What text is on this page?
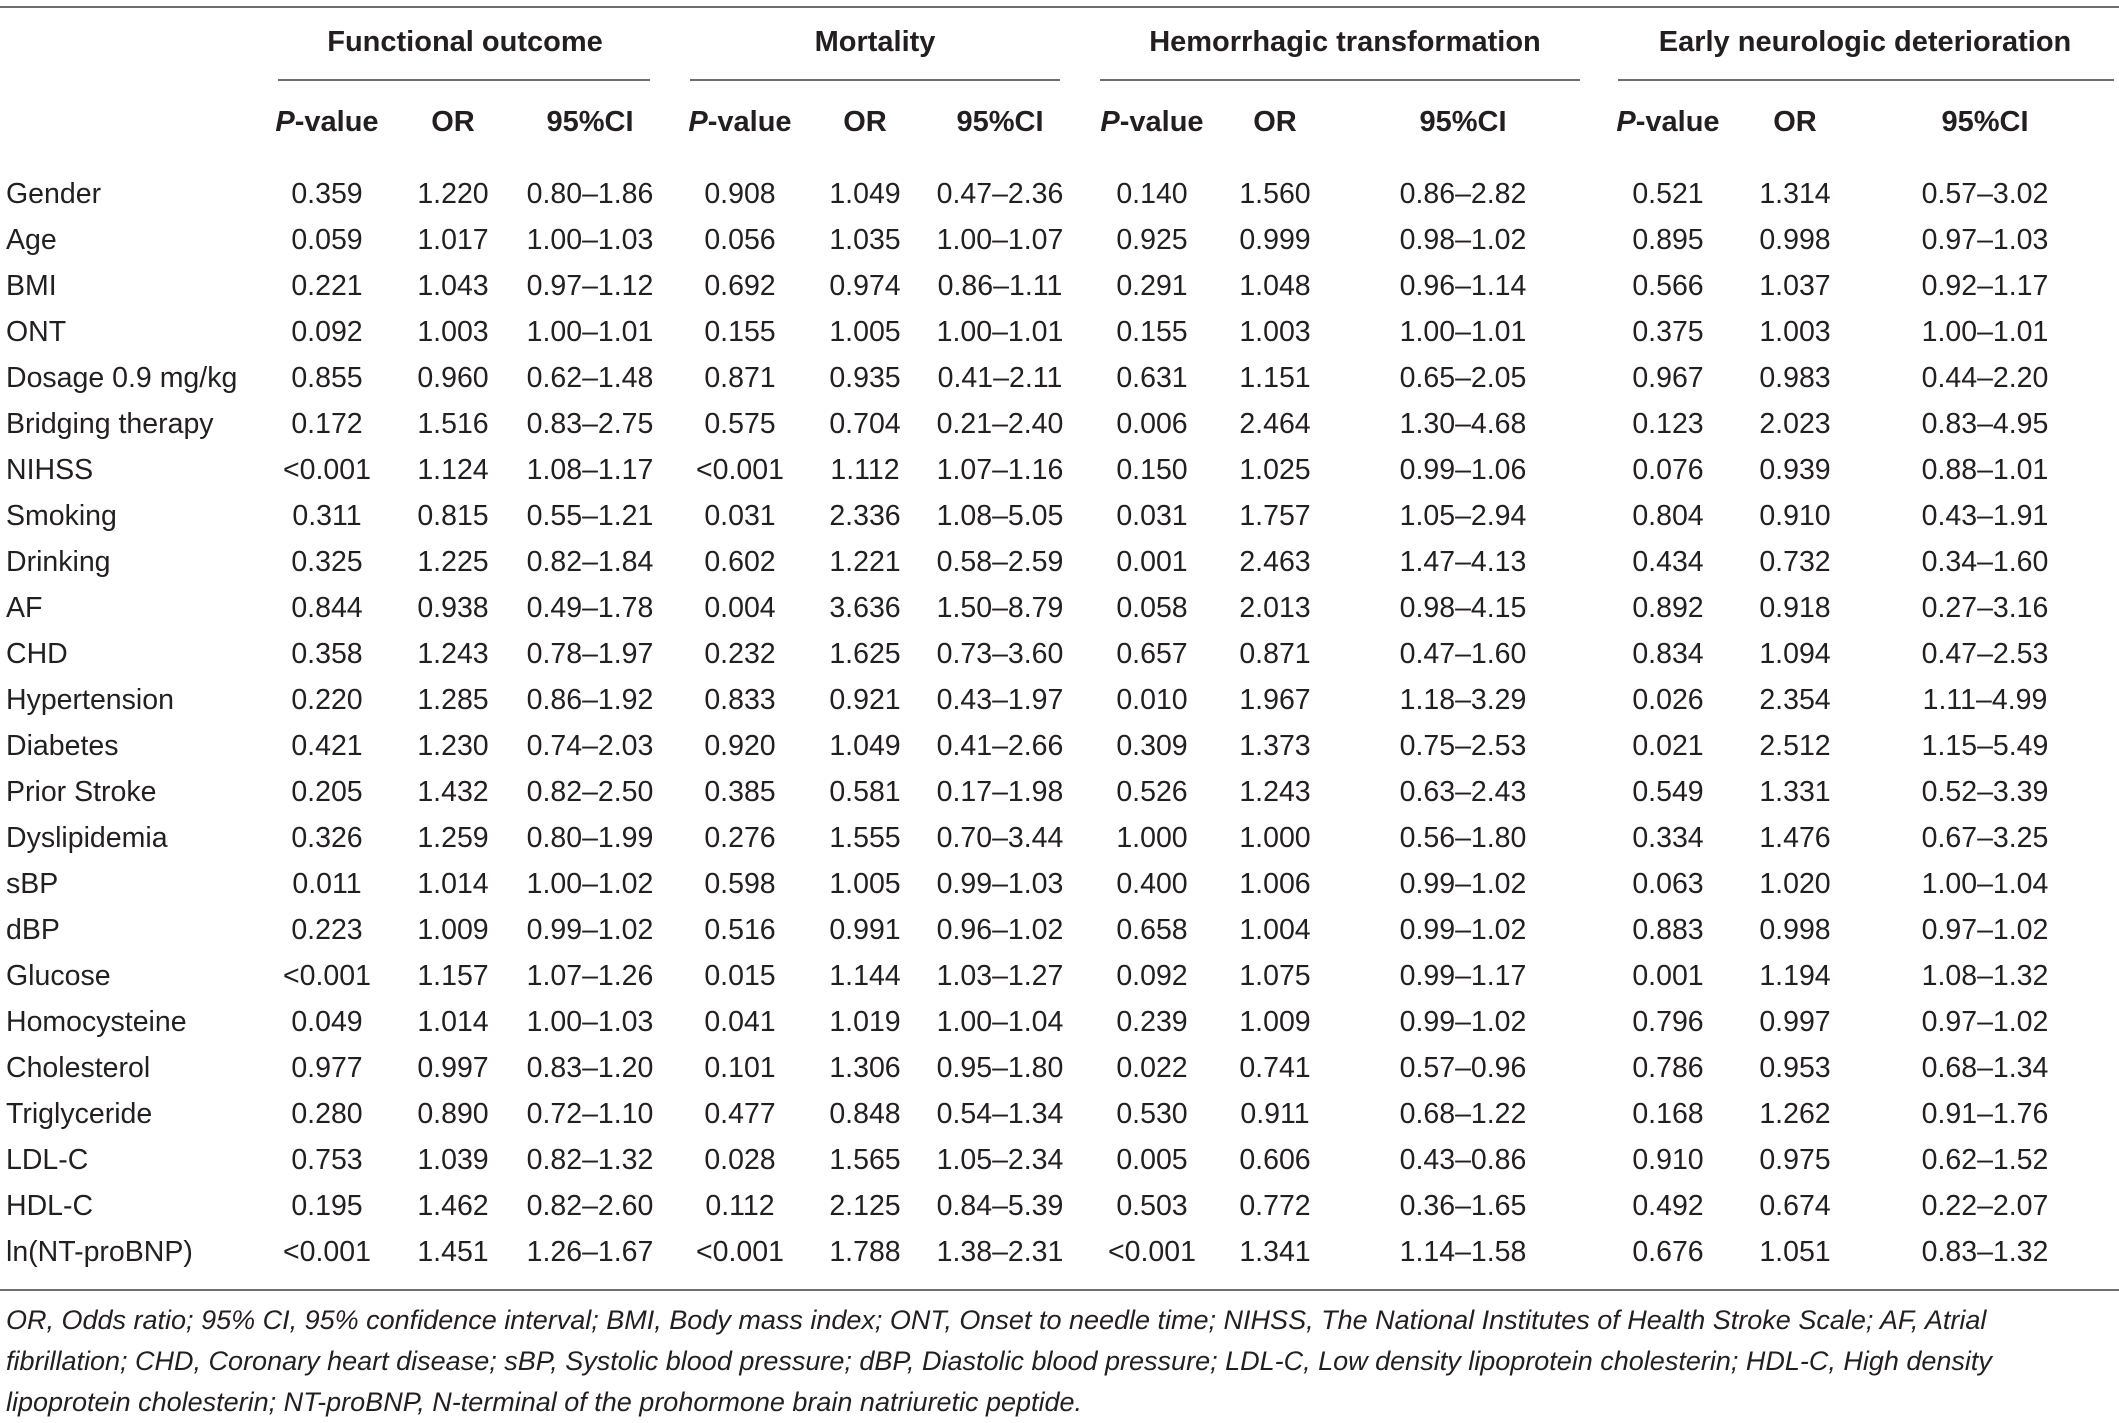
Functional outcome	Mortality	Hemorrhagic transformation	Early neurologic deterioration
P-value	OR	95%CI	P-value	OR	95%CI	P-value	OR	95%CI	P-value	OR	95%CI
Gender	0.359	1.220	0.80–1.86	0.908	1.049	0.47–2.36	0.140	1.560	0.86–2.82	0.521	1.314	0.57–3.02
Age	0.059	1.017	1.00–1.03	0.056	1.035	1.00–1.07	0.925	0.999	0.98–1.02	0.895	0.998	0.97–1.03
BMI	0.221	1.043	0.97–1.12	0.692	0.974	0.86–1.11	0.291	1.048	0.96–1.14	0.566	1.037	0.92–1.17
ONT	0.092	1.003	1.00–1.01	0.155	1.005	1.00–1.01	0.155	1.003	1.00–1.01	0.375	1.003	1.00–1.01
Dosage 0.9 mg/kg	0.855	0.960	0.62–1.48	0.871	0.935	0.41–2.11	0.631	1.151	0.65–2.05	0.967	0.983	0.44–2.20
Bridging therapy	0.172	1.516	0.83–2.75	0.575	0.704	0.21–2.40	0.006	2.464	1.30–4.68	0.123	2.023	0.83–4.95
NIHSS	<0.001	1.124	1.08–1.17	<0.001	1.112	1.07–1.16	0.150	1.025	0.99–1.06	0.076	0.939	0.88–1.01
Smoking	0.311	0.815	0.55–1.21	0.031	2.336	1.08–5.05	0.031	1.757	1.05–2.94	0.804	0.910	0.43–1.91
Drinking	0.325	1.225	0.82–1.84	0.602	1.221	0.58–2.59	0.001	2.463	1.47–4.13	0.434	0.732	0.34–1.60
AF	0.844	0.938	0.49–1.78	0.004	3.636	1.50–8.79	0.058	2.013	0.98–4.15	0.892	0.918	0.27–3.16
CHD	0.358	1.243	0.78–1.97	0.232	1.625	0.73–3.60	0.657	0.871	0.47–1.60	0.834	1.094	0.47–2.53
Hypertension	0.220	1.285	0.86–1.92	0.833	0.921	0.43–1.97	0.010	1.967	1.18–3.29	0.026	2.354	1.11–4.99
Diabetes	0.421	1.230	0.74–2.03	0.920	1.049	0.41–2.66	0.309	1.373	0.75–2.53	0.021	2.512	1.15–5.49
Prior Stroke	0.205	1.432	0.82–2.50	0.385	0.581	0.17–1.98	0.526	1.243	0.63–2.43	0.549	1.331	0.52–3.39
Dyslipidemia	0.326	1.259	0.80–1.99	0.276	1.555	0.70–3.44	1.000	1.000	0.56–1.80	0.334	1.476	0.67–3.25
sBP	0.011	1.014	1.00–1.02	0.598	1.005	0.99–1.03	0.400	1.006	0.99–1.02	0.063	1.020	1.00–1.04
dBP	0.223	1.009	0.99–1.02	0.516	0.991	0.96–1.02	0.658	1.004	0.99–1.02	0.883	0.998	0.97–1.02
Glucose	<0.001	1.157	1.07–1.26	0.015	1.144	1.03–1.27	0.092	1.075	0.99–1.17	0.001	1.194	1.08–1.32
Homocysteine	0.049	1.014	1.00–1.03	0.041	1.019	1.00–1.04	0.239	1.009	0.99–1.02	0.796	0.997	0.97–1.02
Cholesterol	0.977	0.997	0.83–1.20	0.101	1.306	0.95–1.80	0.022	0.741	0.57–0.96	0.786	0.953	0.68–1.34
Triglyceride	0.280	0.890	0.72–1.10	0.477	0.848	0.54–1.34	0.530	0.911	0.68–1.22	0.168	1.262	0.91–1.76
LDL-C	0.753	1.039	0.82–1.32	0.028	1.565	1.05–2.34	0.005	0.606	0.43–0.86	0.910	0.975	0.62–1.52
HDL-C	0.195	1.462	0.82–2.60	0.112	2.125	0.84–5.39	0.503	0.772	0.36–1.65	0.492	0.674	0.22–2.07
ln(NT-proBNP)	<0.001	1.451	1.26–1.67	<0.001	1.788	1.38–2.31	<0.001	1.341	1.14–1.58	0.676	1.051	0.83–1.32
OR, Odds ratio; 95% CI, 95% confidence interval; BMI, Body mass index; ONT, Onset to needle time; NIHSS, The National Institutes of Health Stroke Scale; AF, Atrial fibrillation; CHD, Coronary heart disease; sBP, Systolic blood pressure; dBP, Diastolic blood pressure; LDL-C, Low density lipoprotein cholesterin; HDL-C, High density lipoprotein cholesterin; NT-proBNP, N-terminal of the prohormone brain natriuretic peptide.
